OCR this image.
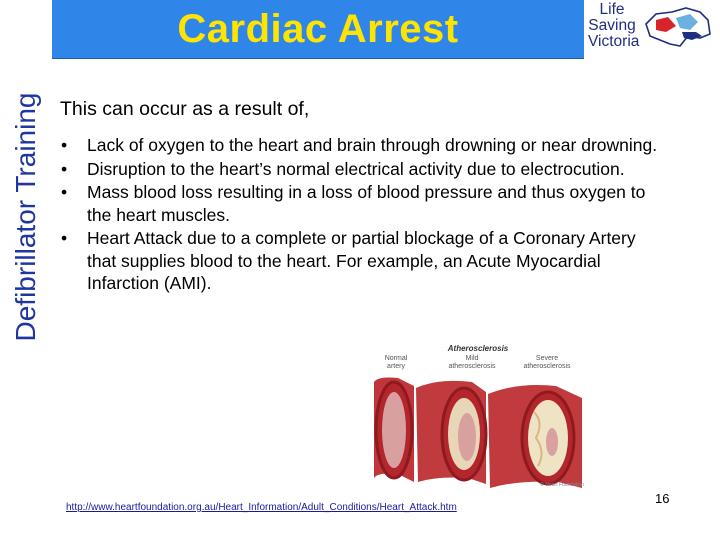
Defibrillator Training
Cardiac Arrest	Life
Saving
Victoria
This can occur as a result of,
• Lack of oxygen to the heart and brain through drowning or near drowning.
• Disruption to the heart’s normal electrical activity due to electrocution.
• Mass blood loss resulting in a loss of blood pressure and thus oxygen to the heart muscles.
• Heart Attack due to a complete or partial blockage of a Coronary Artery that supplies blood to the heart. For example, an Acute Myocardial Infarction (AMI).
Atherosclerosis
Normal artery
Mild atherosclerosis
Severe atherosclerosis
© Heart Foundation
http://www.heartfoundation.org.au/Heart_Information/Adult_Conditions/Heart_Attack.htm
16
